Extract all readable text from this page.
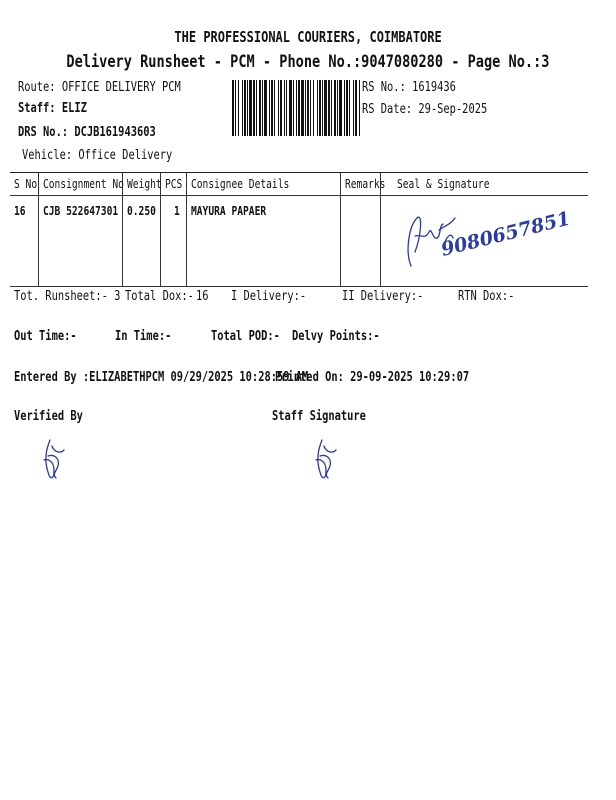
THE PROFESSIONAL COURIERS, COIMBATORE
Delivery Runsheet - PCM - Phone No.:9047080280 - Page No.:3
Route: OFFICE DELIVERY PCM
Staff: ELIZ
DRS No.: DCJB161943603
Vehicle: Office Delivery
RS No.: 1619436
RS Date: 29-Sep-2025
S No	Consignment No	Weight	PCS	Consignee Details	Remarks	Seal & Signature
16	CJB 522647301	0.250	1	MAYURA PAPAER		9080657851
Tot. Runsheet:- 3 Total Dox:- 16 I Delivery:-	II Delivery:-	RTN Dox:-
Out Time:-	In Time:-	Total POD:- Delvy Points:-
Entered By :ELIZABETHPCM 09/29/2025 10:28:59 AM
Printed On: 29-09-2025 10:29:07
Verified By	Staff Signature
